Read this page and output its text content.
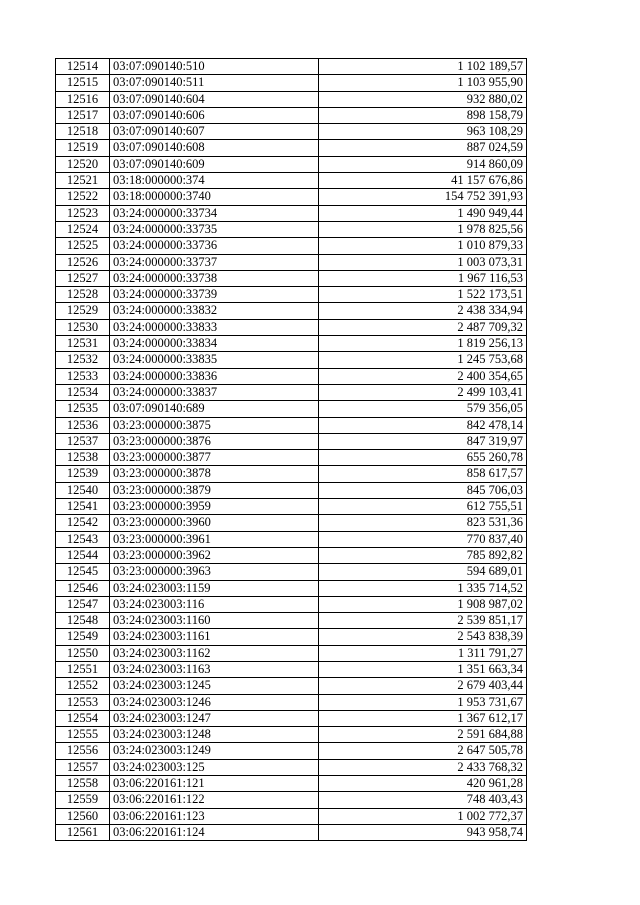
12514	03:07:090140:510	1 102 189,57
12515	03:07:090140:511	1 103 955,90
12516	03:07:090140:604	932 880,02
12517	03:07:090140:606	898 158,79
12518	03:07:090140:607	963 108,29
12519	03:07:090140:608	887 024,59
12520	03:07:090140:609	914 860,09
12521	03:18:000000:374	41 157 676,86
12522	03:18:000000:3740	154 752 391,93
12523	03:24:000000:33734	1 490 949,44
12524	03:24:000000:33735	1 978 825,56
12525	03:24:000000:33736	1 010 879,33
12526	03:24:000000:33737	1 003 073,31
12527	03:24:000000:33738	1 967 116,53
12528	03:24:000000:33739	1 522 173,51
12529	03:24:000000:33832	2 438 334,94
12530	03:24:000000:33833	2 487 709,32
12531	03:24:000000:33834	1 819 256,13
12532	03:24:000000:33835	1 245 753,68
12533	03:24:000000:33836	2 400 354,65
12534	03:24:000000:33837	2 499 103,41
12535	03:07:090140:689	579 356,05
12536	03:23:000000:3875	842 478,14
12537	03:23:000000:3876	847 319,97
12538	03:23:000000:3877	655 260,78
12539	03:23:000000:3878	858 617,57
12540	03:23:000000:3879	845 706,03
12541	03:23:000000:3959	612 755,51
12542	03:23:000000:3960	823 531,36
12543	03:23:000000:3961	770 837,40
12544	03:23:000000:3962	785 892,82
12545	03:23:000000:3963	594 689,01
12546	03:24:023003:1159	1 335 714,52
12547	03:24:023003:116	1 908 987,02
12548	03:24:023003:1160	2 539 851,17
12549	03:24:023003:1161	2 543 838,39
12550	03:24:023003:1162	1 311 791,27
12551	03:24:023003:1163	1 351 663,34
12552	03:24:023003:1245	2 679 403,44
12553	03:24:023003:1246	1 953 731,67
12554	03:24:023003:1247	1 367 612,17
12555	03:24:023003:1248	2 591 684,88
12556	03:24:023003:1249	2 647 505,78
12557	03:24:023003:125	2 433 768,32
12558	03:06:220161:121	420 961,28
12559	03:06:220161:122	748 403,43
12560	03:06:220161:123	1 002 772,37
12561	03:06:220161:124	943 958,74
